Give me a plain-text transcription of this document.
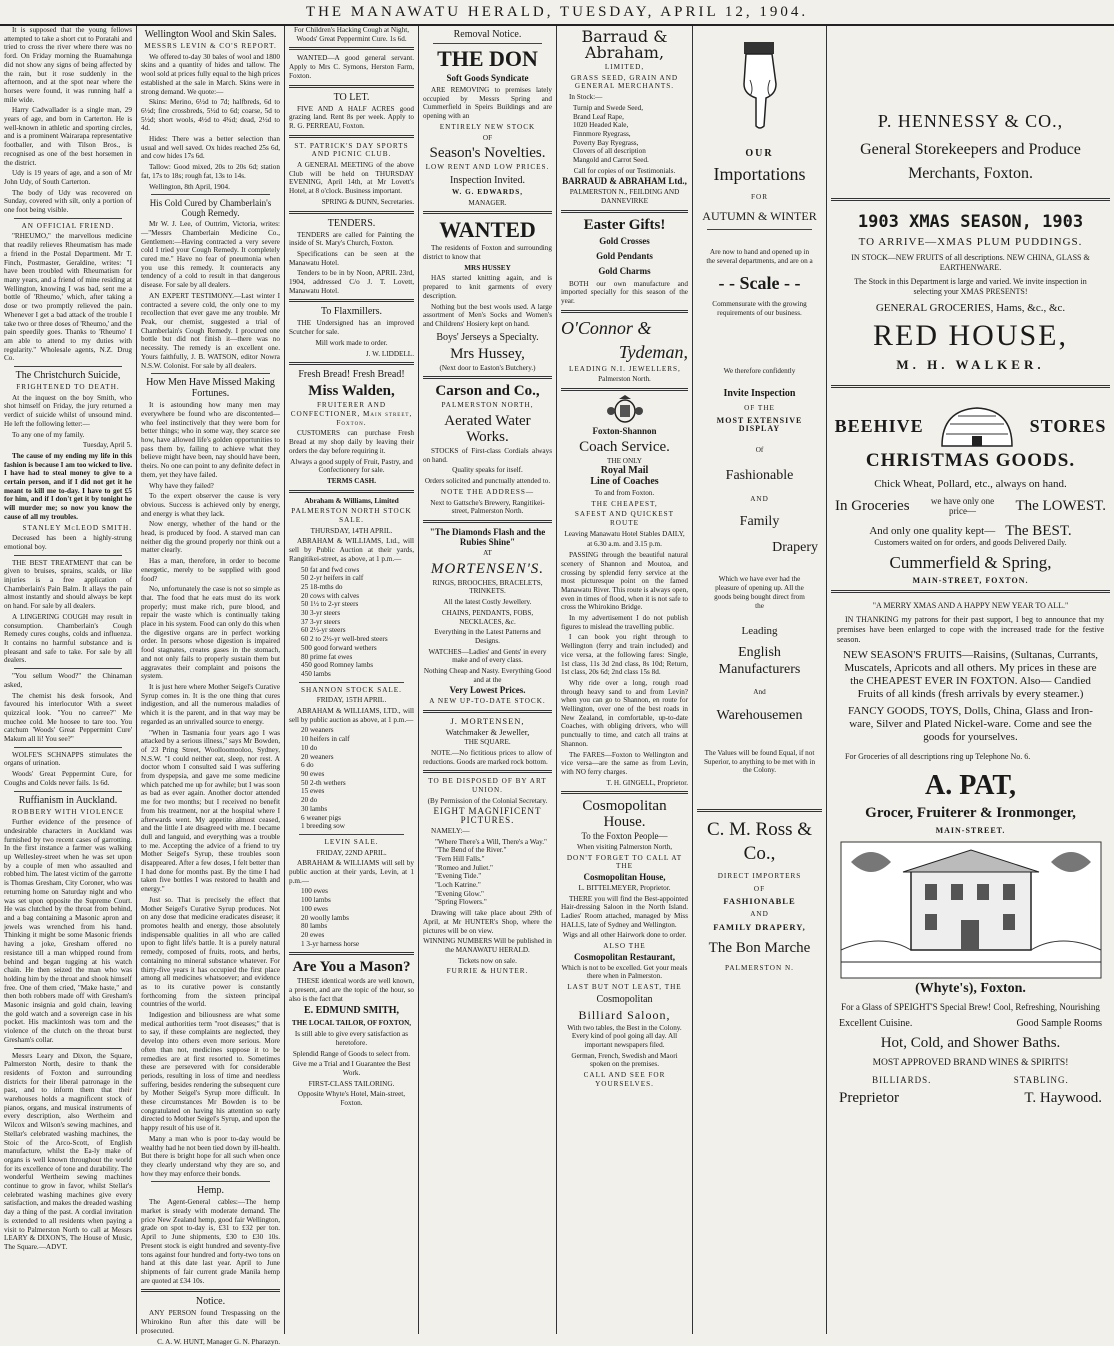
THE MANAWATU HERALD, TUESDAY, APRIL 12, 1904.

It is supposed that the young fellows attempted to take a short cut to Poratahi and tried to cross the river where there was no ford. On Friday morning the Ruamahunga did not show any signs of being affected by the rain, but it rose suddenly in the afternoon, and at the spot near where the horses were found, it was running half a mile wide.

Harry Cadwallader is a single man, 29 years of age, and born in Carterton. He is well-known in athletic and sporting circles, and is a prominent Wairarapa representative footballer, and with Tilson Bros., is recognised as one of the best horsemen in the district.

Udy is 19 years of age, and a son of Mr John Udy, of South Carterton.

The body of Udy was recovered on Sunday, covered with silt, only a portion of one foot being visible.

AN OFFICIAL FRIEND.

"RHEUMO," the marvellous medicine that readily relieves Rheumatism has made a friend in the Postal Department. Mr T. Finch, Postmaster, Geraldine, writes: "I have been troubled with Rheumatism for many years, and a friend of mine residing at Wellington, knowing I was bad, sent me a bottle of 'Rheumo,' which, after taking a dose or two promptly relieved the pain. Whenever I get a bad attack of the trouble I take two or three doses of 'Rheumo,' and the pain speedily goes. Thanks to 'Rheumo' I am able to attend to my duties with regularity." Wholesale agents, N.Z. Drug Co.

The Christchurch Suicide,

FRIGHTENED TO DEATH.

At the inquest on the boy Smith, who shot himself on Friday, the jury returned a verdict of suicide whilst of unsound mind. He left the following letter:—

To any one of my family.

Tuesday, April 5.

The cause of my ending my life in this fashion is because I am too wicked to live. I have had to steal money to give to a certain person, and if I did not get it he meant to kill me to-day. I have to get £5 for him, and if I don't get it by tonight he will murder me; so now you know the cause of all my troubles.

STANLEY McLEOD SMITH.

Deceased has been a highly-strung emotional boy.

THE BEST TREATMENT that can be given to bruises, sprains, scalds, or like injuries is a free application of Chamberlain's Pain Balm. It allays the pain almost instantly and should always be kept on hand. For sale by all dealers.

A LINGERING COUGH may result in consumption. Chamberlain's Cough Remedy cures coughs, colds and influenza. It contains no harmful substance and is pleasant and safe to take. For sale by all dealers.

"You sellum Wood?" the Chinaman asked,

The chemist his desk forsook, And favoured his interlocutor With a sweet quizzical look. "You no carree?" Me muchee cold. Me hoosee to tare too. You catchum 'Woods' Great Peppermint Cure' Makum all li! You see?"

WOLFE'S SCHNAPPS stimulates the organs of urination.

Woods' Great Peppermint Cure, for Coughs and Colds never fails. 1s 6d.

Ruffianism in Auckland.

ROBBERY WITH VIOLENCE

Further evidence of the presence of undesirable characters in Auckland was furnished by two recent cases of garrotting. In the first instance a farmer was walking up Wellesley-street when he was set upon by a couple of men who assaulted and robbed him. The latest victim of the garrotte is Thomas Gresham, City Coroner, who was returning home on Saturday night and who was set upon opposite the Supreme Court. He was clutched by the throat from behind, and a bag containing a Masonic apron and jewels was wrenched from his hand. Thinking it might be some Masonic friends having a joke, Gresham offered no resistance till a man whipped round from behind and began tugging at his watch chain. He then seized the man who was holding him by the throat and shook himself free. One of them cried, "Make haste," and then both robbers made off with Gresham's Masonic insignia and gold chain, leaving the gold watch and a sovereign case in his pocket. His mackintosh was torn and the violence of the clutch on the throat burst Gresham's collar.

Messrs Leary and Dixon, the Square, Palmerston North, desire to thank the residents of Foxton and surrounding districts for their liberal patronage in the past, and to inform them that their warehouses holds a magnificent stock of pianos, organs, and musical instruments of every description, also Wertheim and Wilcox and Wilson's sewing machines, and Stellar's celebrated washing machines, the Stoic of the Arco-Scott, of English manufacture, whilst the Ea-ly make of organs is well known throughout the world for its excellence of tone and durability. The wonderful Wertheim sewing machines continue to grow in favor, whilst Stellar's celebrated washing machines give every satisfaction, and makes the dreaded washing day a thing of the past. A cordial invitation is extended to all residents when paying a visit to Palmerston North to call at Messrs LEARY & DIXON'S, The House of Music, The Square.—ADVT.

Wellington Wool and Skin Sales.

MESSRS LEVIN & CO'S REPORT.

We offered to-day 30 bales of wool and 1800 skins and a quantity of hides and tallow. The wool sold at prices fully equal to the high prices established at the sale in March. Skins were in strong demand. We quote:—

Skins: Merino, 6½d to 7d; halfbreds, 6d to 6½d; fine crossbreds, 5½d to 6d; coarse, 5d to 5½d; short wools, 4½d to 4¾d; dead, 2½d to 4d.

Hides: There was a better selection than usual and well saved. Ox hides reached 25s 6d, and cow hides 17s 6d.

Tallow: Good mixed, 20s to 20s 6d; station fat, 17s to 18s; rough fat, 13s to 14s.

Wellington, 8th April, 1904.

His Cold Cured by Chamberlain's Cough Remedy.

Mr W. J. Lee, of Outtrim, Victoria, writes:—"Messrs Chamberlain Medicine Co., Gentlemen:—Having contracted a very severe cold I tried your Cough Remedy. It completely cured me." Have no fear of pneumonia when you use this remedy. It counteracts any tendency of a cold to result in that dangerous disease. For sale by all dealers.

AN EXPERT TESTIMONY.—Last winter I contracted a severe cold, the only one to my recollection that ever gave me any trouble. Mr Peak, our chemist, suggested a trial of Chamberlain's Cough Remedy. I procured one bottle but did not finish it—there was no necessity. The remedy is an excellent one. Yours faithfully, J. B. WATSON, editor Nowra N.S.W. Colonist. For sale by all dealers.

How Men Have Missed Making Fortunes.

It is astounding how many men may everywhere be found who are discontented—who feel instinctively that they were born for better things; who in some way, they scarce see how, have allowed life's golden opportunities to pass them by, failing to achieve what they believe might have been, nay should have been, theirs. No one can point to any definite defect in them, yet they have failed.

Why have they failed?

To the expert observer the cause is very obvious. Success is achieved only by energy, and energy is what they lack.

Now energy, whether of the hand or the head, is produced by food. A starved man can neither dig the ground properly nor think out a matter clearly.

Has a man, therefore, in order to become energetic, merely to be supplied with good food?

No, unfortunately the case is not so simple as that. The food that he eats must do its work properly; must make rich, pure blood, and repair the waste which is continually taking place in his system. Food can only do this when the digestive organs are in perfect working order. In persons whose digestion is impaired food stagnates, creates gases in the stomach, and not only fails to properly sustain them but aggravates their complaint and poisons the system.

It is just here where Mother Seigel's Curative Syrup comes in. It is the one thing that cures indigestion, and all the numerous maladies of which it is the parent, and in that way may be regarded as an unrivalled source to energy.

"When in Tasmania four years ago I was attacked by a serious illness," says Mr Bowden, of 23 Pring Street, Woolloomooloo, Sydney, N.S.W. "I could neither eat, sleep, nor rest. A doctor whom I consulted said I was suffering from dyspepsia, and gave me some medicine which patched me up for awhile; but I was soon as bad as ever again. Another doctor attended me for two months; but I received no benefit from his treatment, nor at the hospital where I afterwards went. My appetite almost ceased, and the little I ate disagreed with me. I became dull and languid, and everything was a trouble to me. Accepting the advice of a friend to try Mother Seigel's Syrup, these troubles soon disappeared. After a few doses, I felt better than I had done for months past. By the time I had taken five bottles I was restored to health and energy."

Just so. That is precisely the effect that Mother Seigel's Curative Syrup produces. Not on any dose that medicine eradicates disease; it promotes health and energy, those absolutely indispensable qualities in all who are called upon to fight life's battle. It is a purely natural remedy, composed of fruits, roots, and herbs, containing no mineral substance whatever. For thirty-five years it has occupied the first place among all medicines whatsoever; and evidence as to its curative power is constantly forthcoming from the sixteen principal countries of the world.

Indigestion and biliousness are what some medical authorities term "root diseases;" that is to say, if these complaints are neglected, they develop into others even more serious. More often than not, medicines suppose it to be remedies are at first resorted to. Sometimes these are persevered with for considerable periods, resulting in loss of time and needless suffering, besides rendering the subsequent cure by Mother Seigel's Syrup more difficult. In these circumstances Mr Bowden is to be congratulated on having his attention so early directed to Mother Seigel's Syrup, and upon the happy result of his use of it.

Many a man who is poor to-day would be wealthy had he not been tied down by ill-health. But there is bright hope for all such when once they clearly understand why they are so, and how they may enforce their bonds.

Hemp.

The Agent-General cables:—The hemp market is steady with moderate demand. The price New Zealand hemp, good fair Wellington, grade on spot to-day is, £31 to £32 per ton. April to June shipments, £30 to £30 10s. Present stock is eight hundred and seventy-five tons against four hundred and forty-two tons on hand at this date last year. April to June shipments of fair current grade Manila hemp are quoted at £34 10s.

Notice.

ANY PERSON found Trespassing on the Whirokino Run after this date will be prosecuted.

C. A. W. HUNT, Manager G. N. Pharazyn.

For Children's Hacking Cough at Night, Woods' Great Peppermint Cure. 1s 6d.

WANTED—A good general servant. Apply to Mrs C. Symons, Herston Farm, Foxton.

TO LET.

FIVE AND A HALF ACRES good grazing land. Rent 8s per week. Apply to R. G. PERREAU, Foxton.

ST. PATRICK'S DAY SPORTS AND PICNIC CLUB.

A GENERAL MEETING of the above Club will be held on THURSDAY EVENING, April 14th, at Mr Lovett's Hotel, at 8 o'clock. Business important.

SPRING & DUNN, Secretaries.

TENDERS.

TENDERS are called for Painting the inside of St. Mary's Church, Foxton.

Specifications can be seen at the Manawatu Hotel.

Tenders to be in by Noon, APRIL 23rd, 1904, addressed C/o J. T. Lovett, Manawatu Hotel.

To Flaxmillers.

THE Undersigned has an improved Scutcher for sale.

Mill work made to order.

J. W. LIDDELL.

Fresh Bread! Fresh Bread!
Miss Walden,

FRUITERER AND CONFECTIONER, Main street, Foxton.

CUSTOMERS can purchase Fresh Bread at my shop daily by leaving their orders the day before requiring it.

Always a good supply of Fruit, Pastry, and Confectionery for sale.

TERMS CASH.

Abraham & Williams, Limited

PALMERSTON NORTH STOCK SALE.

THURSDAY, 14TH APRIL.

ABRAHAM & WILLIAMS, Ltd., will sell by Public Auction at their yards, Rangitikei-street, as above, at 1 p.m.—

50 fat and fwd cows
50 2-yr heifers in calf
25 18-mths do
20 cows with calves
50 1½ to 2-yr steers
30 3-yr steers
37 3-yr steers
60 2½-yr steers
60 2 to 2½-yr well-bred steers
500 good forward wethers
80 prime fat ewes
450 good Romney lambs
450 lambs

SHANNON STOCK SALE.

FRIDAY, 15TH APRIL.

ABRAHAM & WILLIAMS, LTD., will sell by public auction as above, at 1 p.m.—

20 weaners
10 heifers in calf
10 do
20 weaners
6 do
90 ewes
50 2-th wethers
15 ewes
20 do
30 lambs
6 weaner pigs
1 breeding sow

LEVIN SALE.

FRIDAY, 22ND APRIL.

ABRAHAM & WILLIAMS will sell by public auction at their yards, Levin, at 1 p.m.—

100 ewes
100 lambs
100 ewes
20 woolly lambs
80 lambs
20 ewes
1 3-yr harness horse
Are You a Mason?

THESE identical words are well known, a present, and are the topic of the hour, so also is the fact that

E. EDMUND SMITH,

THE LOCAL TAILOR, OF FOXTON,

Is still able to give every satisfaction as heretofore.

Splendid Range of Goods to select from.

Give me a Trial and I Guarantee the Best Work.

FIRST-CLASS TAILORING.

Opposite Whyte's Hotel, Main-street, Foxton.

Removal Notice.
THE DON

Soft Goods Syndicate

ARE REMOVING to premises lately occupied by Messrs Spring and Cummerfield in Speirs Buildings and are opening with an

ENTIRELY NEW STOCK

OF

Season's Novelties.

LOW RENT AND LOW PRICES.

Inspection Invited.

W. G. EDWARDS,

MANAGER.

WANTED

The residents of Foxton and surrounding district to know that

MRS HUSSEY

HAS started knitting again, and is prepared to knit garments of every description.

Nothing but the best wools used. A large assortment of Men's Socks and Women's and Childrens' Hosiery kept on hand.

Boys' Jerseys a Specialty.
Mrs Hussey,

(Next door to Easton's Butchery.)

Carson and Co.,

PALMERSTON NORTH,

Aerated Water Works.

STOCKS of First-class Cordials always on hand.

Quality speaks for itself.

Orders solicited and punctually attended to.

NOTE THE ADDRESS—

Next to Gattsche's Brewery, Rangitikei-street, Palmerston North.

"The Diamonds Flash and the Rubies Shine"

AT

MORTENSEN'S.

RINGS, BROOCHES, BRACELETS, TRINKETS.

All the latest Costly Jewellery.

CHAINS, PENDANTS, FOBS, NECKLACES, &c.

Everything in the Latest Patterns and Designs.

WATCHES—Ladies' and Gents' in every make and of every class.

Nothing Cheap and Nasty. Everything Good and at the

Very Lowest Prices.

A NEW UP-TO-DATE STOCK.

J. MORTENSEN,

Watchmaker & Jeweller,

THE SQUARE.

NOTE.—No fictitious prices to allow of reductions. Goods are marked rock bottom.

TO BE DISPOSED OF BY ART UNION.

(By Permission of the Colonial Secretary.

EIGHT MAGNIFICENT PICTURES.

NAMELY:—

"Where There's a Will, There's a Way."
"The Bend of the River."
"Fern Hill Falls."
"Romeo and Juliet."
"Evening Tide."
"Loch Katrine."
"Evening Glow."
"Spring Flowers."

Drawing will take place about 29th of April, at Mr HUNTER's Shop, where the pictures will be on view.

WINNING NUMBERS Will be published in the MANAWATU HERALD.

Tickets now on sale.

FURRIE & HUNTER.

Barraud & Abraham,

LIMITED,

GRASS SEED, GRAIN AND GENERAL MERCHANTS.

In Stock:—

Turnip and Swede Seed,
Brand Leaf Rape,
1020 Headed Kale,
Finnmore Ryegrass,
Poverty Bay Ryegrass,
Clovers of all description
Mangold and Carrot Seed.

Call for copies of our Testimonials.

BARRAUD & ABRAHAM Ltd.,

PALMERSTON N., FEILDING AND DANNEVIRKE

Easter Gifts!

Gold Crosses

Gold Pendants

Gold Charms

BOTH our own manufacture and imported specially for this season of the year.

O'Connor &

Tydeman,

LEADING N.I. JEWELLERS,

Palmerston North.

Foxton-Shannon

Coach Service.

THE ONLY

Royal Mail

Line of Coaches

To and from Foxton.

THE CHEAPEST,

SAFEST AND QUICKEST ROUTE

Leaving Manawatu Hotel Stables DAILY,

at 6.30 a.m. and 3.15 p.m.

PASSING through the beautiful natural scenery of Shannon and Moutoa, and crossing by splendid ferry service at the most picturesque point on the famed Manawatu River. This route is always open, even in times of flood, when it is not safe to cross the Whirokino Bridge.

In my advertisement I do not publish figures to mislead the travelling public.

I can book you right through to Wellington (ferry and train included) and vice versa, at the following fares: Single, 1st class, 11s 3d 2nd class, 8s 10d; Return, 1st class, 20s 6d; 2nd class 15s 8d.

Why ride over a long, rough road through heavy sand to and from Levin? when you can go to Shannon, en route for Wellington, over one of the best roads in New Zealand, in comfortable, up-to-date Coaches, with obliging drivers, who will punctually to time, and catch all trains at Shannon.

The FARES—Foxton to Wellington and vice versa—are the same as from Levin, with NO ferry charges.

T. H. GINGELL, Proprietor.

Cosmopolitan House.

To the Foxton People—

When visiting Palmerston North,

DON'T FORGET TO CALL AT THE

Cosmopolitan House,

L. BITTELMEYER, Proprietor.

THERE you will find the Best-appointed Hair-dressing Saloon in the North Island. Ladies' Room attached, managed by Miss HALLS, late of Sydney and Wellington.

Wigs and all other Hairwork done to order.

ALSO THE

Cosmopolitan Restaurant,

Which is not to be excelled. Get your meals there when in Palmerston.

LAST BUT NOT LEAST, THE

Cosmopolitan

Billiard Saloon,

With two tables, the Best in the Colony. Every kind of pool going all day. All important newspapers filed.

German, French, Swedish and Maori spoken on the premises.

CALL AND SEE FOR YOURSELVES.

OUR

Importations

FOR

AUTUMN & WINTER

Are now to hand and opened up in the several departments, and are on a

- - Scale - -

Commensurate with the growing requirements of our business.

We therefore confidently

Invite Inspection

OF THE

MOST EXTENSIVE DISPLAY

Of

Fashionable

AND

Family

Drapery

Which we have ever had the pleasure of opening up. All the goods being bought direct from the

Leading

English Manufacturers

And

Warehousemen

The Values will be found Equal, if not Superior, to anything to be met with in the Colony.

C. M. Ross & Co.,

DIRECT IMPORTERS

OF

FASHIONABLE

AND

FAMILY DRAPERY,

The Bon Marche

PALMERSTON N.

P. HENNESSY & CO.,

General Storekeepers and Produce Merchants, Foxton.

1903 XMAS SEASON, 1903

TO ARRIVE—XMAS PLUM PUDDINGS.

IN STOCK—NEW FRUITS of all descriptions. NEW CHINA, GLASS & EARTHENWARE.

The Stock in this Department is large and varied. We invite inspection in selecting your XMAS PRESENTS!

GENERAL GROCERIES, Hams, &c., &c.

RED HOUSE,

M. H. WALKER.

BEEHIVE	STORES

CHRISTMAS GOODS.

Chick Wheat, Pollard, etc., always on hand.

In Groceries	we have only one price—	The LOWEST.
And only one quality kept— The BEST.

Customers waited on for orders, and goods Delivered Daily.

Cummerfield & Spring,

MAIN-STREET, FOXTON.

"A MERRY XMAS AND A HAPPY NEW YEAR TO ALL."

IN THANKING my patrons for their past support, I beg to announce that my premises have been enlarged to cope with the increased trade for the festive season.

NEW SEASON'S FRUITS—Raisins, (Sultanas, Currants, Muscatels, Apricots and all others. My prices in these are the CHEAPEST EVER IN FOXTON. Also— Candied Fruits of all kinds (fresh arrivals by every steamer.)

FANCY GOODS, TOYS, Dolls, China, Glass and Iron-ware, Silver and Plated Nickel-ware. Come and see the goods for yourselves.

For Groceries of all descriptions ring up Telephone No. 6.

A. PAT,

Grocer, Fruiterer & Ironmonger,

MAIN-STREET.

(Whyte's), Foxton.

For a Glass of SPEIGHT'S Special Brew! Cool, Refreshing, Nourishing

Excellent Cuisine.	Good Sample Rooms

Hot, Cold, and Shower Baths.

MOST APPROVED BRAND WINES & SPIRITS!

BILLIARDS.	STABLING.
Preprietor	T. Haywood.
